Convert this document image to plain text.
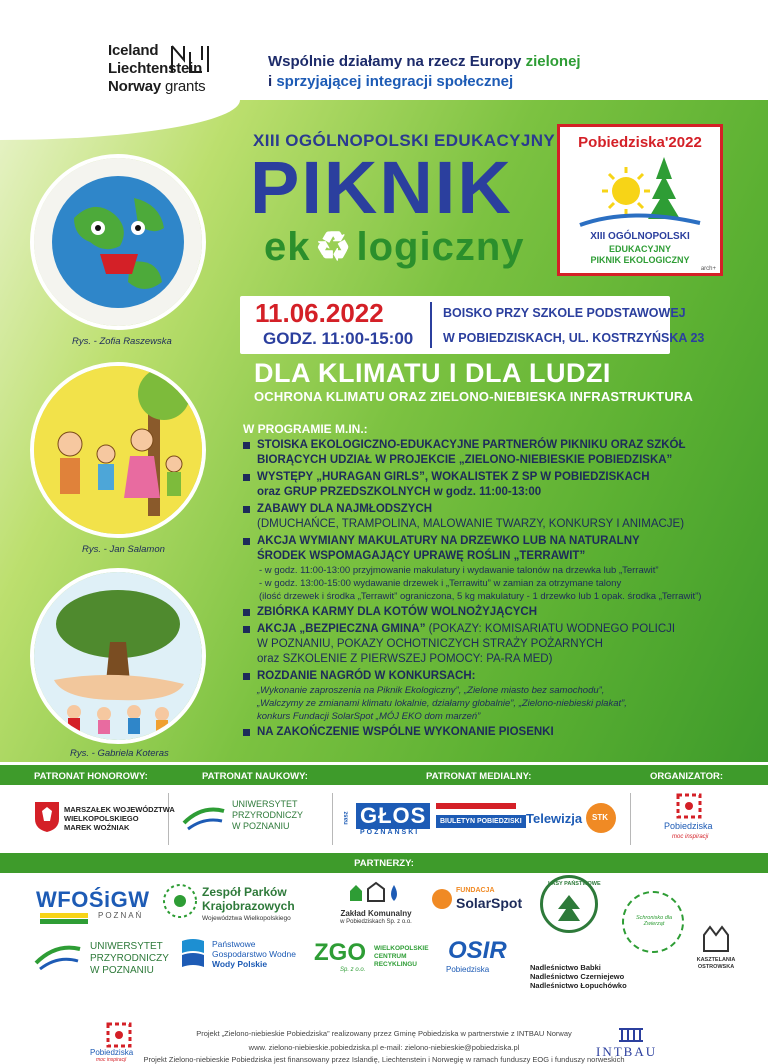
Iceland
Liechtenstein
Norway grants
Wspólnie działamy na rzecz Europy zielonej
i sprzyjającej integracji społecznej
XIII OGÓLNOPOLSKI EDUKACYJNY
PIKNIK
ek ♻ logiczny
Pobiedziska'2022
XIII OGÓLNOPOLSKI
EDUKACYJNY
PIKNIK EKOLOGICZNY
arch+
11.06.2022
GODZ. 11:00-15:00
BOISKO PRZY SZKOLE PODSTAWOWEJ
W POBIEDZISKACH, UL. KOSTRZYŃSKA 23
DLA KLIMATU I DLA LUDZI
OCHRONA KLIMATU ORAZ ZIELONO-NIEBIESKA INFRASTRUKTURA
W PROGRAMIE M.IN.:
STOISKA EKOLOGICZNO-EDUKACYJNE PARTNERÓW PIKNIKU ORAZ SZKÓŁ
BIORĄCYCH UDZIAŁ W PROJEKCIE „ZIELONO-NIEBIESKIE POBIEDZISKA”
WYSTĘPY „HURAGAN GIRLS”, WOKALISTEK Z SP W POBIEDZISKACH
oraz GRUP PRZEDSZKOLNYCH w godz. 11:00-13:00
ZABAWY DLA NAJMŁODSZYCH
(DMUCHAŃCE, TRAMPOLINA, MALOWANIE TWARZY, KONKURSY I ANIMACJE)
AKCJA WYMIANY MAKULATURY NA DRZEWKO LUB NA NATURALNY
ŚRODEK WSPOMAGAJĄCY UPRAWĘ ROŚLIN „TERRAWIT”
- w godz. 11:00-13:00 przyjmowanie makulatury i wydawanie talonów na drzewka lub „Terrawit”
- w godz. 13:00-15:00 wydawanie drzewek i „Terrawitu” w zamian za otrzymane talony
(ilość drzewek i środka „Terrawit” ograniczona, 5 kg makulatury - 1 drzewko lub 1 opak. środka „Terrawit”)
ZBIÓRKA KARMY DLA KOTÓW WOLNOŻYJĄCYCH
AKCJA „BEZPIECZNA GMINA” (POKAZY: KOMISARIATU WODNEGO POLICJI
W POZNANIU, POKAZY OCHOTNICZYCH STRAŻY POŻARNYCH
oraz SZKOLENIE Z PIERWSZEJ POMOCY: PA-RA MED)
ROZDANIE NAGRÓD W KONKURSACH:
„Wykonanie zaproszenia na Piknik Ekologiczny”, „Zielone miasto bez samochodu”,
„Walczymy ze zmianami klimatu lokalnie, działamy globalnie”, „Zielono-niebieski plakat”,
konkurs Fundacji SolarSpot „MÓJ EKO dom marzeń”
NA ZAKOŃCZENIE WSPÓLNE WYKONANIE PIOSENKI
Rys. - Zofia Raszewska
Rys. - Jan Salamon
Rys. - Gabriela Koteras
PATRONAT HONOROWY:	PATRONAT NAUKOWY:	PATRONAT MEDIALNY:	ORGANIZATOR:
MARSZAŁEK WOJEWÓDZTWA
WIELKOPOLSKIEGO
MAREK WOŹNIAK
UNIWERSYTET
PRZYRODNICZY
W POZNANIU
nasz GŁOS
POZNAŃSKI
BIULETYN POBIEDZISKI Telewizja STK
Pobiedziska
moc inspiracji
PARTNERZY:
WFOŚiGW
POZNAŃ
Zespół Parków
Krajobrazowych
Województwa Wielkopolskiego
Zakład Komunalny
w Pobiedziskach Sp. z o.o.
FUNDACJA
SolarSpot
LASY PAŃSTWOWE
Schronisko dla Zwierząt
KASZTELANIA
OSTROWSKA
UNIWERSYTET
PRZYRODNICZY
W POZNANIU
Państwowe
Gospodarstwo Wodne
Wody Polskie	ZGO
Sp. z o.o.
WIELKOPOLSKIE
CENTRUM
RECYKLINGU
OSIR
Pobiedziska	Nadleśnictwo Babki
Nadleśnictwo Czerniejewo
Nadleśnictwo Łopuchówko
Pobiedziska
moc inspiracji
Projekt „Zielono-niebieskie Pobiedziska” realizowany przez Gminę Pobiedziska w partnerstwie z INTBAU Norway
www. zielono-niebieskie.pobiedziska.pl e-mail: zielono-niebieskie@pobiedziska.pl
Projekt Zielono-niebieskie Pobiedziska jest finansowany przez Islandię, Liechtenstein i Norwegię w ramach funduszy EOG i funduszy norweskich
INTBAU
